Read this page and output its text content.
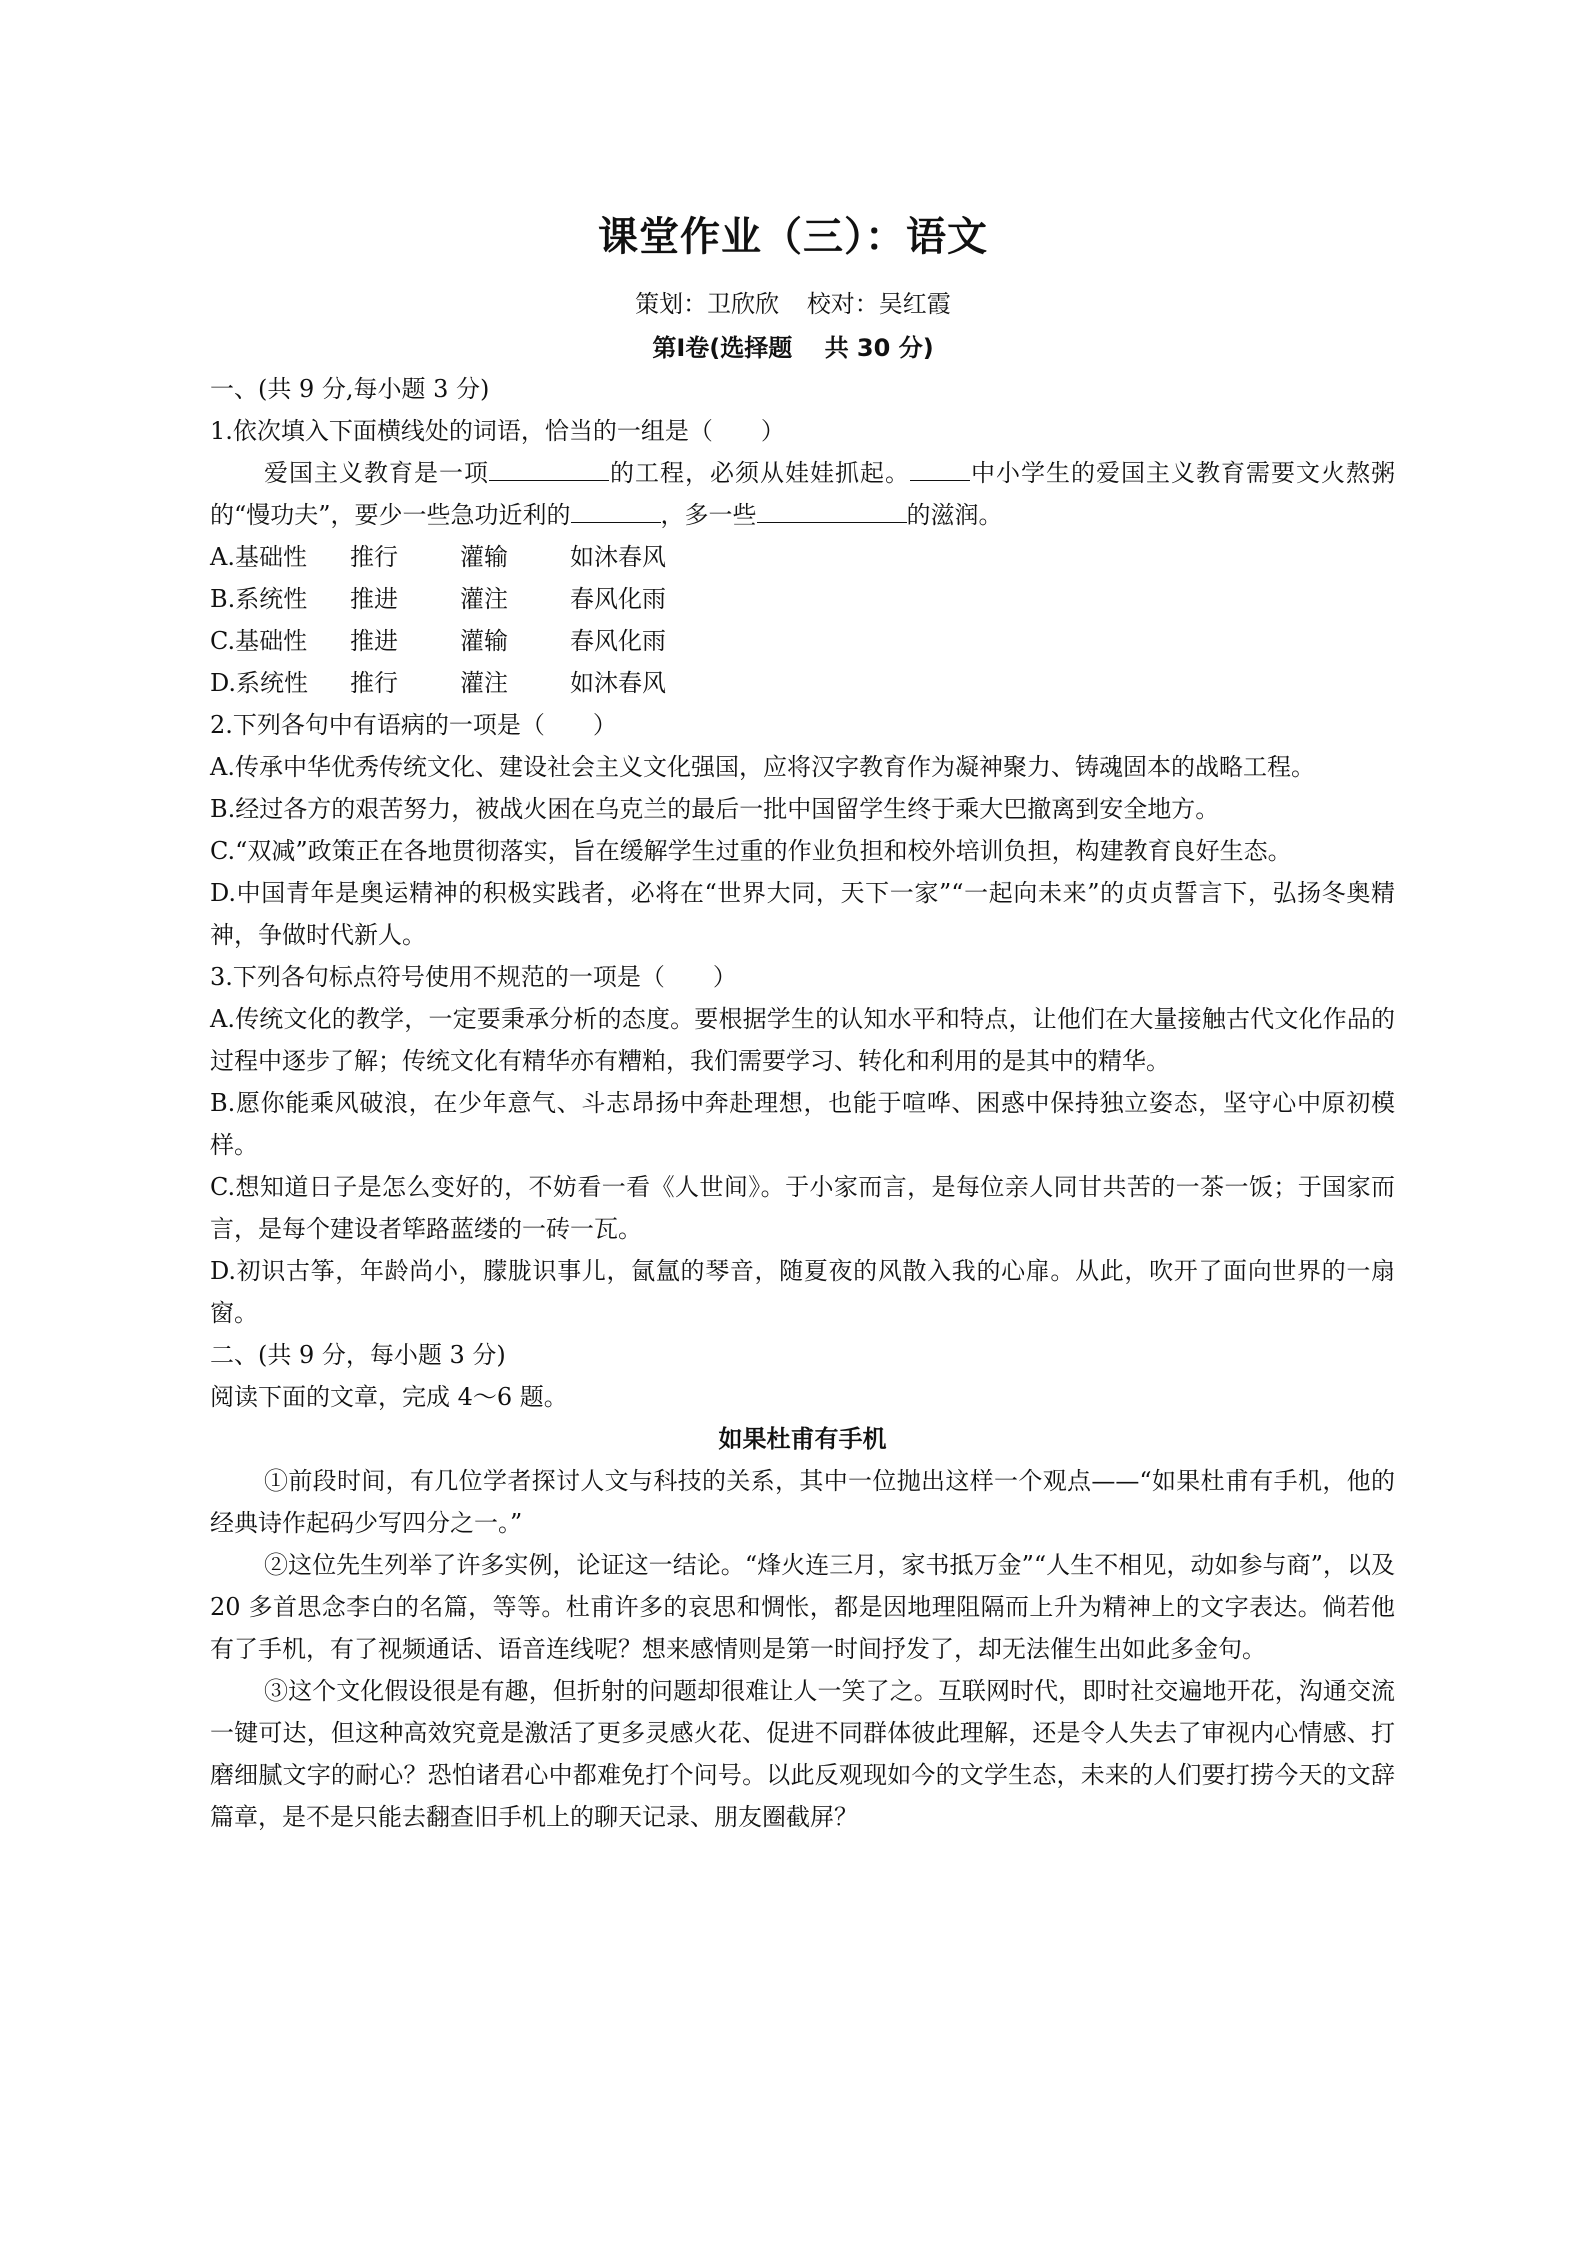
课堂作业（三）：语文
策划：卫欣欣 校对：吴红霞
第Ⅰ卷(选择题　 共 30 分)
一、(共 9 分,每小题 3 分)
1.依次填入下面横线处的词语，恰当的一组是（　　）
爱国主义教育是一项	的工程，必须从娃娃抓起。	中小学生的爱国主义教育需要文火熬粥的“慢功夫”，要少一些急功近利的	，多一些	的滋润。
A.基础性 推行	灌输	如沐春风
B.系统性 推进	灌注	春风化雨
C.基础性 推进	灌输	春风化雨
D.系统性 推行	灌注	如沐春风
2.下列各句中有语病的一项是（　　）
A.传承中华优秀传统文化、建设社会主义文化强国，应将汉字教育作为凝神聚力、铸魂固本的战略工程。
B.经过各方的艰苦努力，被战火困在乌克兰的最后一批中国留学生终于乘大巴撤离到安全地方。
C.“双减”政策正在各地贯彻落实，旨在缓解学生过重的作业负担和校外培训负担，构建教育良好生态。
D.中国青年是奥运精神的积极实践者，必将在“世界大同，天下一家”“一起向未来”的贞贞誓言下，弘扬冬奥精神，争做时代新人。
3.下列各句标点符号使用不规范的一项是（　　）
A.传统文化的教学，一定要秉承分析的态度。要根据学生的认知水平和特点，让他们在大量接触古代文化作品的过程中逐步了解；传统文化有精华亦有糟粕，我们需要学习、转化和利用的是其中的精华。
B.愿你能乘风破浪，在少年意气、斗志昂扬中奔赴理想，也能于喧哗、困惑中保持独立姿态，坚守心中原初模样。
C.想知道日子是怎么变好的，不妨看一看《人世间》。于小家而言，是每位亲人同甘共苦的一茶一饭；于国家而言，是每个建设者筚路蓝缕的一砖一瓦。
D.初识古筝，年龄尚小，朦胧识事儿，氤氲的琴音，随夏夜的风散入我的心扉。从此，吹开了面向世界的一扇窗。
二、(共 9 分，每小题 3 分)
阅读下面的文章，完成 4～6 题。
如果杜甫有手机
①前段时间，有几位学者探讨人文与科技的关系，其中一位抛出这样一个观点——“如果杜甫有手机，他的经典诗作起码少写四分之一。”
②这位先生列举了许多实例，论证这一结论。“烽火连三月，家书抵万金”“人生不相见，动如参与商”，以及 20 多首思念李白的名篇，等等。杜甫许多的哀思和惆怅，都是因地理阻隔而上升为精神上的文字表达。倘若他有了手机，有了视频通话、语音连线呢？想来感情则是第一时间抒发了，却无法催生出如此多金句。
③这个文化假设很是有趣，但折射的问题却很难让人一笑了之。互联网时代，即时社交遍地开花，沟通交流一键可达，但这种高效究竟是激活了更多灵感火花、促进不同群体彼此理解，还是令人失去了审视内心情感、打磨细腻文字的耐心？恐怕诸君心中都难免打个问号。以此反观现如今的文学生态，未来的人们要打捞今天的文辞篇章，是不是只能去翻查旧手机上的聊天记录、朋友圈截屏？
